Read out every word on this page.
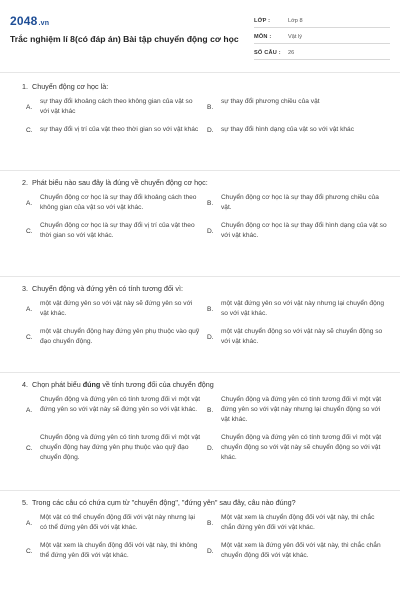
2048.vn
Trắc nghiệm lí 8(có đáp án) Bài tập chuyển động cơ học
LỚP :	Lớp 8
MÔN :	Vật lý
SỐ CÂU :	26
1. Chuyển động cơ học là:
A.
sự thay đổi khoảng cách theo không gian của vật so với vật khác
B.
sự thay đổi phương chiều của vật
C.	sự thay đổi vị trí của vật theo thời gian so với vật khác D.	sự thay đổi hình dạng của vật so với vật khác
2. Phát biểu nào sau đây là đúng về chuyển động cơ học:
A.
Chuyển động cơ học là sự thay đổi khoảng cách theo không gian của vật so với vật khác.
B.
Chuyển động cơ học là sự thay đổi phương chiều của vật.
C.
Chuyển động cơ học là sự thay đổi vị trí của vật theo thời gian so với vật khác.
D.
Chuyển động cơ học là sự thay đổi hình dạng của vật so với vật khác.
3. Chuyển động và đứng yên có tính tương đối vì:
A.
một vật đứng yên so với vật này sẽ đứng yên so với vật khác.
B.
một vật đứng yên so với vật này nhưng lại chuyển động so với vật khác.
C.
một vật chuyển động hay đứng yên phụ thuộc vào quỹ đạo chuyển động.
D.
một vật chuyển động so với vật này sẽ chuyển động so với vật khác.
4. Chọn phát biểu đúng về tính tương đối của chuyển động
A.
Chuyển động và đứng yên có tính tương đối vì một vật đứng yên so với vật này sẽ đứng yên so với vật khác.	B.
Chuyển động và đứng yên có tính tương đối vì một vật đứng yên so với vật này nhưng lại chuyển động so với vật khác.
C.
Chuyển động và đứng yên có tính tương đối vì một vật chuyển động hay đứng yên phụ thuộc vào quỹ đạo chuyển động.
D.
Chuyển động và đứng yên có tính tương đối vì một vật chuyển động so với vật này sẽ chuyển động so với vật khác.
5. Trong các câu có chứa cụm từ "chuyển động", "đứng yên" sau đây, câu nào đúng?
A.
Một vật có thể chuyển động đối với vật này nhưng lại có thể đứng yên đối với vật khác.
B.
Một vật xem là chuyển động đối với vật này, thì chắc chắn đứng yên đối với vật khác.
C.
Một vật xem là chuyển động đối với vật này, thì không thể đứng yên đối với vật khác.
D.
Một vật xem là đứng yên đối với vật này, thì chắc chắn chuyển động đối với vật khác.
